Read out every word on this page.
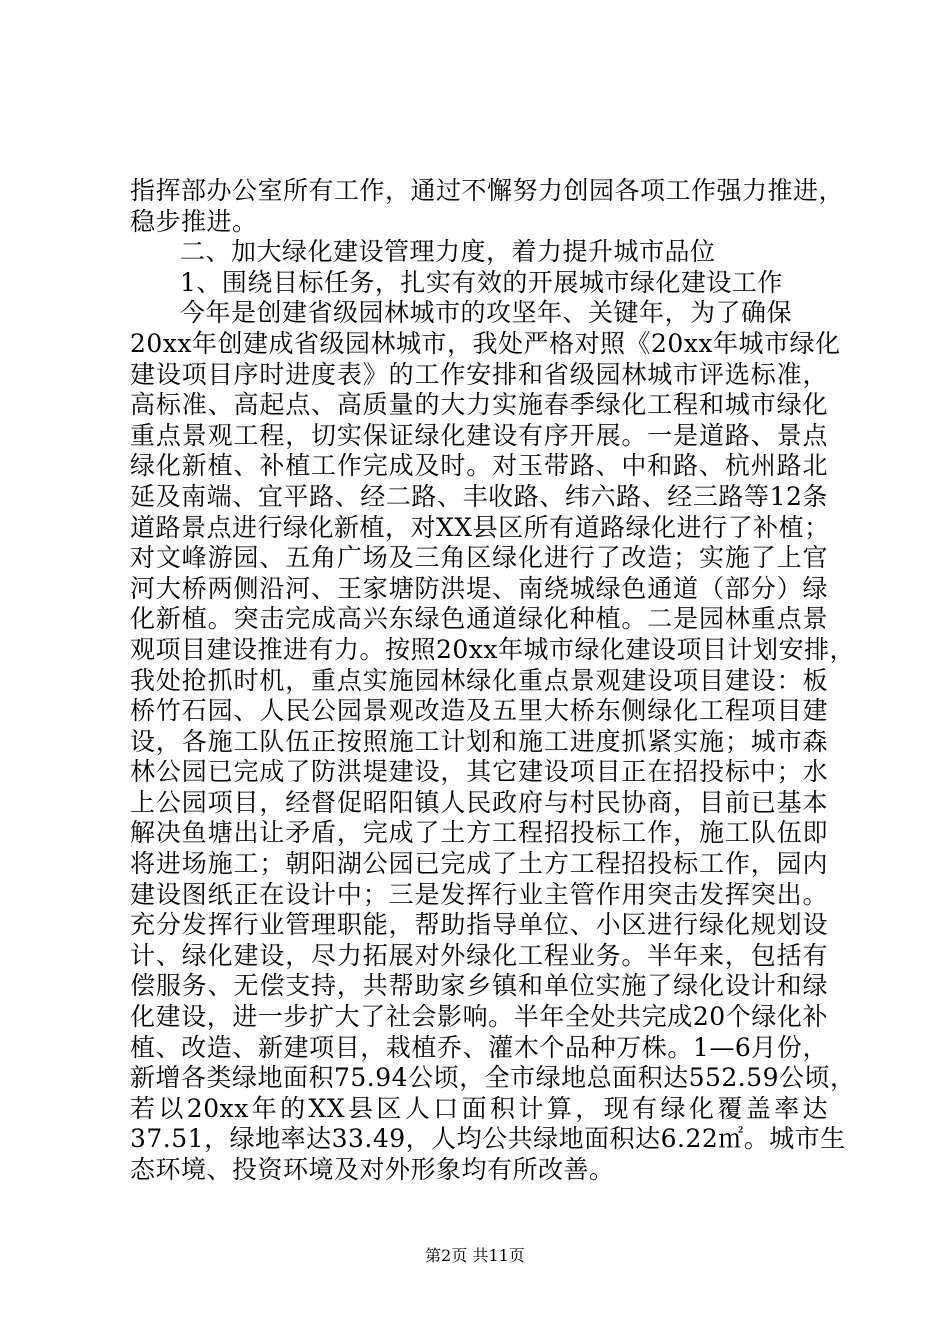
指挥部办公室所有工作，通过不懈努力创园各项工作强力推进，
稳步推进。
二、加大绿化建设管理力度，着力提升城市品位
1、围绕目标任务，扎实有效的开展城市绿化建设工作
今年是创建省级园林城市的攻坚年、关键年，为了确保
20xx年创建成省级园林城市，我处严格对照《20xx年城市绿化
建设项目序时进度表》的工作安排和省级园林城市评选标准，
高标准、高起点、高质量的大力实施春季绿化工程和城市绿化
重点景观工程，切实保证绿化建设有序开展。一是道路、景点
绿化新植、补植工作完成及时。对玉带路、中和路、杭州路北
延及南端、宜平路、经二路、丰收路、纬六路、经三路等12条
道路景点进行绿化新植，对XX县区所有道路绿化进行了补植；
对文峰游园、五角广场及三角区绿化进行了改造；实施了上官
河大桥两侧沿河、王家塘防洪堤、南绕城绿色通道（部分）绿
化新植。突击完成高兴东绿色通道绿化种植。二是园林重点景
观项目建设推进有力。按照20xx年城市绿化建设项目计划安排，
我处抢抓时机，重点实施园林绿化重点景观建设项目建设：板
桥竹石园、人民公园景观改造及五里大桥东侧绿化工程项目建
设，各施工队伍正按照施工计划和施工进度抓紧实施；城市森
林公园已完成了防洪堤建设，其它建设项目正在招投标中；水
上公园项目，经督促昭阳镇人民政府与村民协商，目前已基本
解决鱼塘出让矛盾，完成了土方工程招投标工作，施工队伍即
将进场施工；朝阳湖公园已完成了土方工程招投标工作，园内
建设图纸正在设计中；三是发挥行业主管作用突击发挥突出。
充分发挥行业管理职能，帮助指导单位、小区进行绿化规划设
计、绿化建设，尽力拓展对外绿化工程业务。半年来，包括有
偿服务、无偿支持，共帮助家乡镇和单位实施了绿化设计和绿
化建设，进一步扩大了社会影响。半年全处共完成20个绿化补
植、改造、新建项目，栽植乔、灌木个品种万株。1—6月份，
新增各类绿地面积75.94公顷，全市绿地总面积达552.59公顷，
若以20xx年的XX县区人口面积计算，现有绿化覆盖率达
37.51，绿地率达33.49，人均公共绿地面积达6.22㎡。城市生
态环境、投资环境及对外形象均有所改善。
第2页 共11页
